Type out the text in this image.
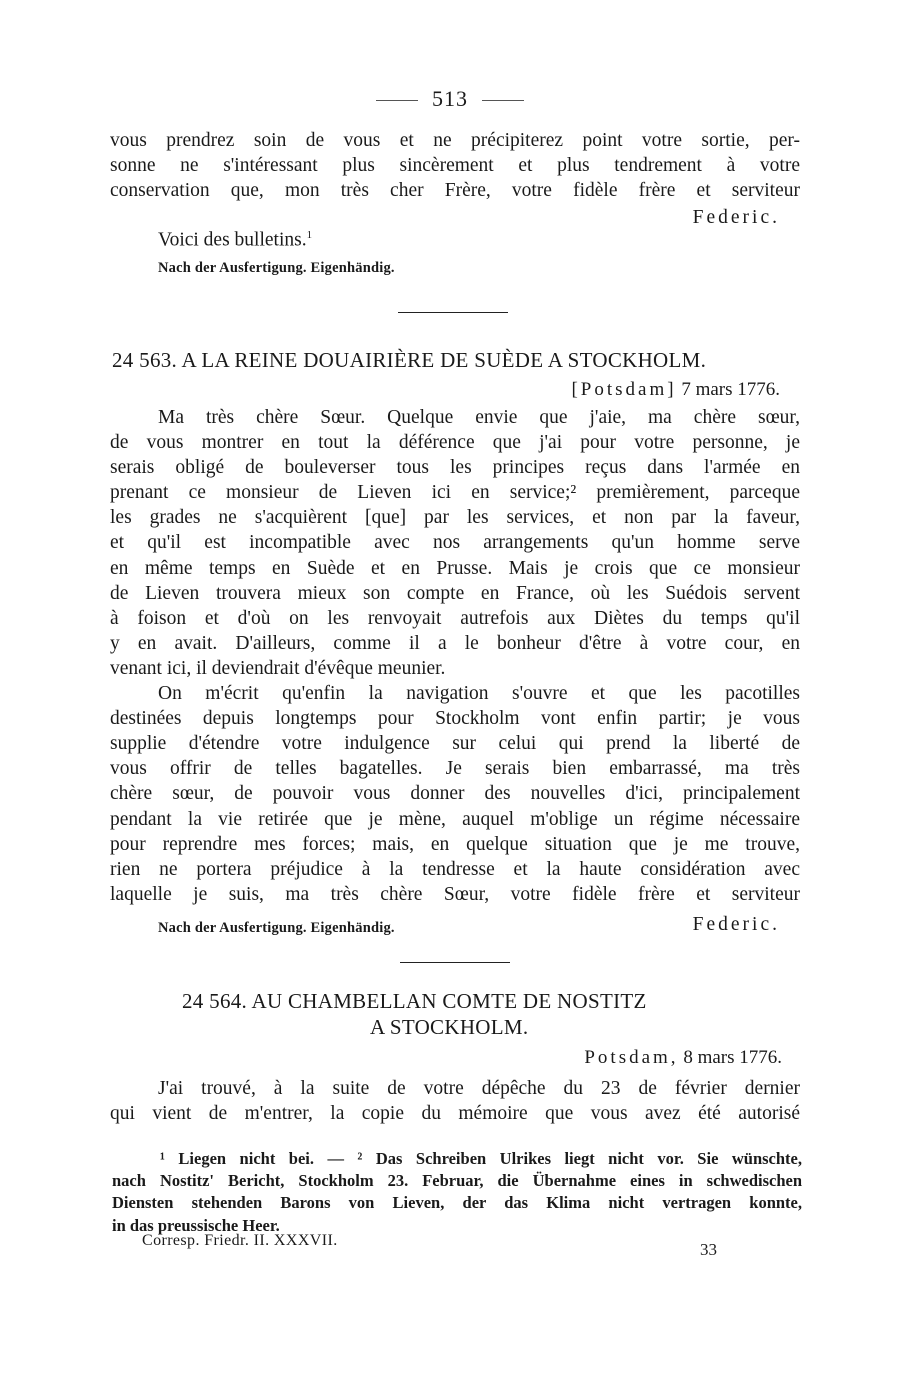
513
vous prendrez soin de vous et ne précipiterez point votre sortie, per-
sonne ne s'intéressant plus sincèrement et plus tendrement à votre
conservation que, mon très cher Frère, votre fidèle frère et serviteur
Federic.
Voici des bulletins.$^1$
Nach der Ausfertigung. Eigenhändig.
24 563. A LA REINE DOUAIRIÈRE DE SUÈDE A STOCKHOLM.
[Potsdam] 7 mars 1776.
Ma très chère Sœur. Quelque envie que j'aie, ma chère sœur,
de vous montrer en tout la déférence que j'ai pour votre personne, je
serais obligé de bouleverser tous les principes reçus dans l'armée en
prenant ce monsieur de Lieven ici en service;² premièrement, parceque
les grades ne s'acquièrent [que] par les services, et non par la faveur,
et qu'il est incompatible avec nos arrangements qu'un homme serve
en même temps en Suède et en Prusse. Mais je crois que ce monsieur
de Lieven trouvera mieux son compte en France, où les Suédois servent
à foison et d'où on les renvoyait autrefois aux Diètes du temps qu'il
y en avait. D'ailleurs, comme il a le bonheur d'être à votre cour, en
venant ici, il deviendrait d'évêque meunier.
On m'écrit qu'enfin la navigation s'ouvre et que les pacotilles
destinées depuis longtemps pour Stockholm vont enfin partir; je vous
supplie d'étendre votre indulgence sur celui qui prend la liberté de
vous offrir de telles bagatelles. Je serais bien embarrassé, ma très
chère sœur, de pouvoir vous donner des nouvelles d'ici, principalement
pendant la vie retirée que je mène, auquel m'oblige un régime nécessaire
pour reprendre mes forces; mais, en quelque situation que je me trouve,
rien ne portera préjudice à la tendresse et la haute considération avec
laquelle je suis, ma très chère Sœur, votre fidèle frère et serviteur
Nach der Ausfertigung. Eigenhändig.	Federic.
24 564. AU CHAMBELLAN COMTE DE NOSTITZ
A STOCKHOLM.
Potsdam, 8 mars 1776.
J'ai trouvé, à la suite de votre dépêche du 23 de février dernier
qui vient de m'entrer, la copie du mémoire que vous avez été autorisé
¹ Liegen nicht bei. — ² Das Schreiben Ulrikes liegt nicht vor. Sie wünschte,
nach Nostitz' Bericht, Stockholm 23. Februar, die Übernahme eines in schwedischen
Diensten stehenden Barons von Lieven, der das Klima nicht vertragen konnte,
in das preussische Heer.
Corresp. Friedr. II. XXXVII.	33
